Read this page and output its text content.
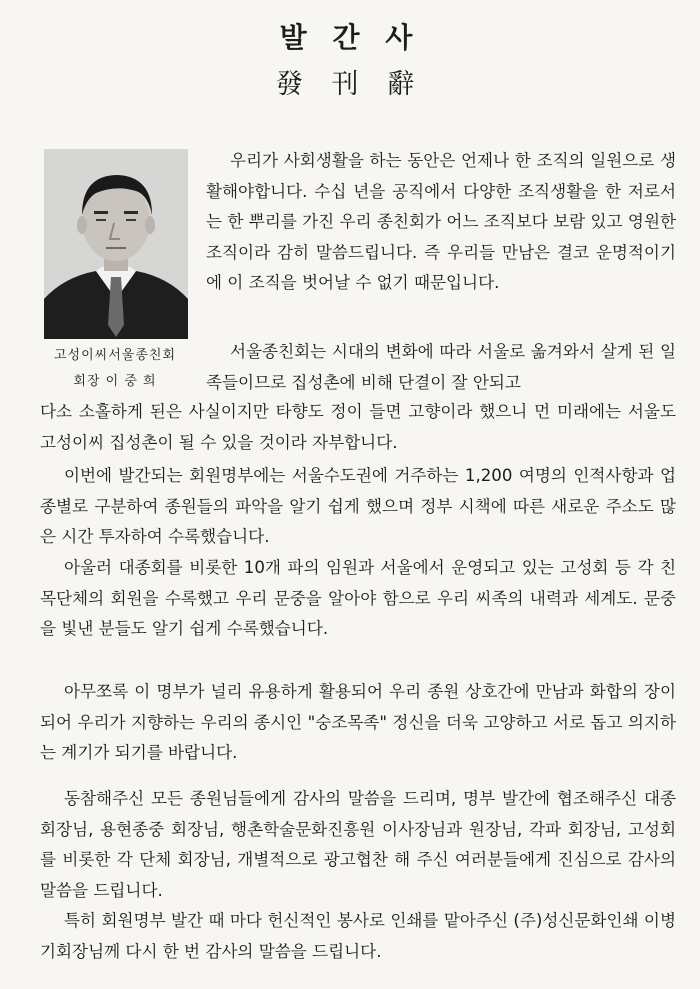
발 간 사
發 刊 辭
고성이씨서울종친회
회장 이 중 희

우리가 사회생활을 하는 동안은 언제나 한 조직의 일원으로 생활해야합니다. 수십 년을 공직에서 다양한 조직생활을 한 저로서는 한 뿌리를 가진 우리 종친회가 어느 조직보다 보람 있고 영원한 조직이라 감히 말씀드립니다. 즉 우리들 만남은 결코 운명적이기에 이 조직을 벗어날 수 없기 때문입니다.

서울종친회는 시대의 변화에 따라 서울로 옮겨와서 살게 된 일족들이므로 집성촌에 비해 단결이 잘 안되고

다소 소홀하게 된은 사실이지만 타향도 정이 들면 고향이라 했으니 먼 미래에는 서울도 고성이씨 집성촌이 될 수 있을 것이라 자부합니다.

이번에 발간되는 회원명부에는 서울수도권에 거주하는 1,200 여명의 인적사항과 업종별로 구분하여 종원들의 파악을 알기 쉽게 했으며 정부 시책에 따른 새로운 주소도 많은 시간 투자하여 수록했습니다.

아울러 대종회를 비롯한 10개 파의 임원과 서울에서 운영되고 있는 고성회 등 각 친목단체의 회원을 수록했고 우리 문중을 알아야 함으로 우리 씨족의 내력과 세계도. 문중을 빛낸 분들도 알기 쉽게 수록했습니다.

아무쪼록 이 명부가 널리 유용하게 활용되어 우리 종원 상호간에 만남과 화합의 장이되어 우리가 지향하는 우리의 종시인 "숭조목족" 정신을 더욱 고양하고 서로 돕고 의지하는 계기가 되기를 바랍니다.

동참해주신 모든 종원님들에게 감사의 말씀을 드리며, 명부 발간에 협조해주신 대종회장님, 용현종중 회장님, 행촌학술문화진흥원 이사장님과 원장님, 각파 회장님, 고성회를 비롯한 각 단체 회장님, 개별적으로 광고협찬 해 주신 여러분들에게 진심으로 감사의 말씀을 드립니다.

특히 회원명부 발간 때 마다 헌신적인 봉사로 인쇄를 맡아주신 (주)성신문화인쇄 이병기회장님께 다시 한 번 감사의 말씀을 드립니다.
